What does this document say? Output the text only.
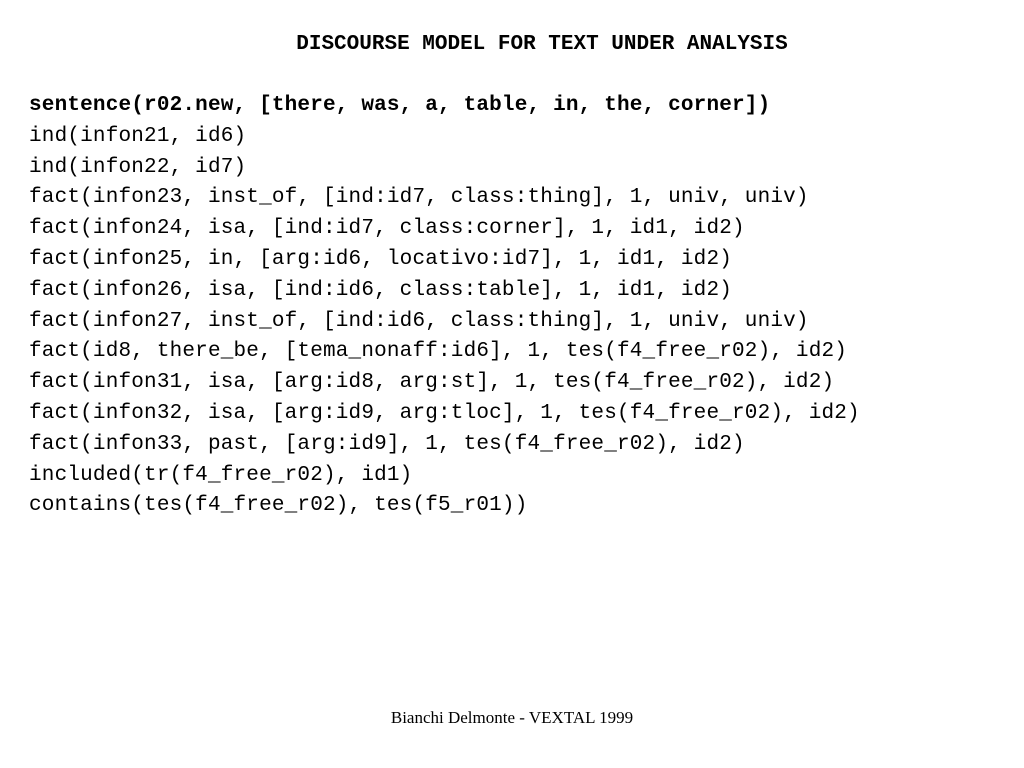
DISCOURSE MODEL FOR TEXT UNDER ANALYSIS
sentence(r02.new, [there, was, a, table, in, the, corner])
ind(infon21, id6)
ind(infon22, id7)
fact(infon23, inst_of, [ind:id7, class:thing], 1, univ, univ)
fact(infon24, isa, [ind:id7, class:corner], 1, id1, id2)
fact(infon25, in, [arg:id6, locativo:id7], 1, id1, id2)
fact(infon26, isa, [ind:id6, class:table], 1, id1, id2)
fact(infon27, inst_of, [ind:id6, class:thing], 1, univ, univ)
fact(id8, there_be, [tema_nonaff:id6], 1, tes(f4_free_r02), id2)
fact(infon31, isa, [arg:id8, arg:st], 1, tes(f4_free_r02), id2)
fact(infon32, isa, [arg:id9, arg:tloc], 1, tes(f4_free_r02), id2)
fact(infon33, past, [arg:id9], 1, tes(f4_free_r02), id2)
included(tr(f4_free_r02), id1)
contains(tes(f4_free_r02), tes(f5_r01))
Bianchi Delmonte - VEXTAL 1999
